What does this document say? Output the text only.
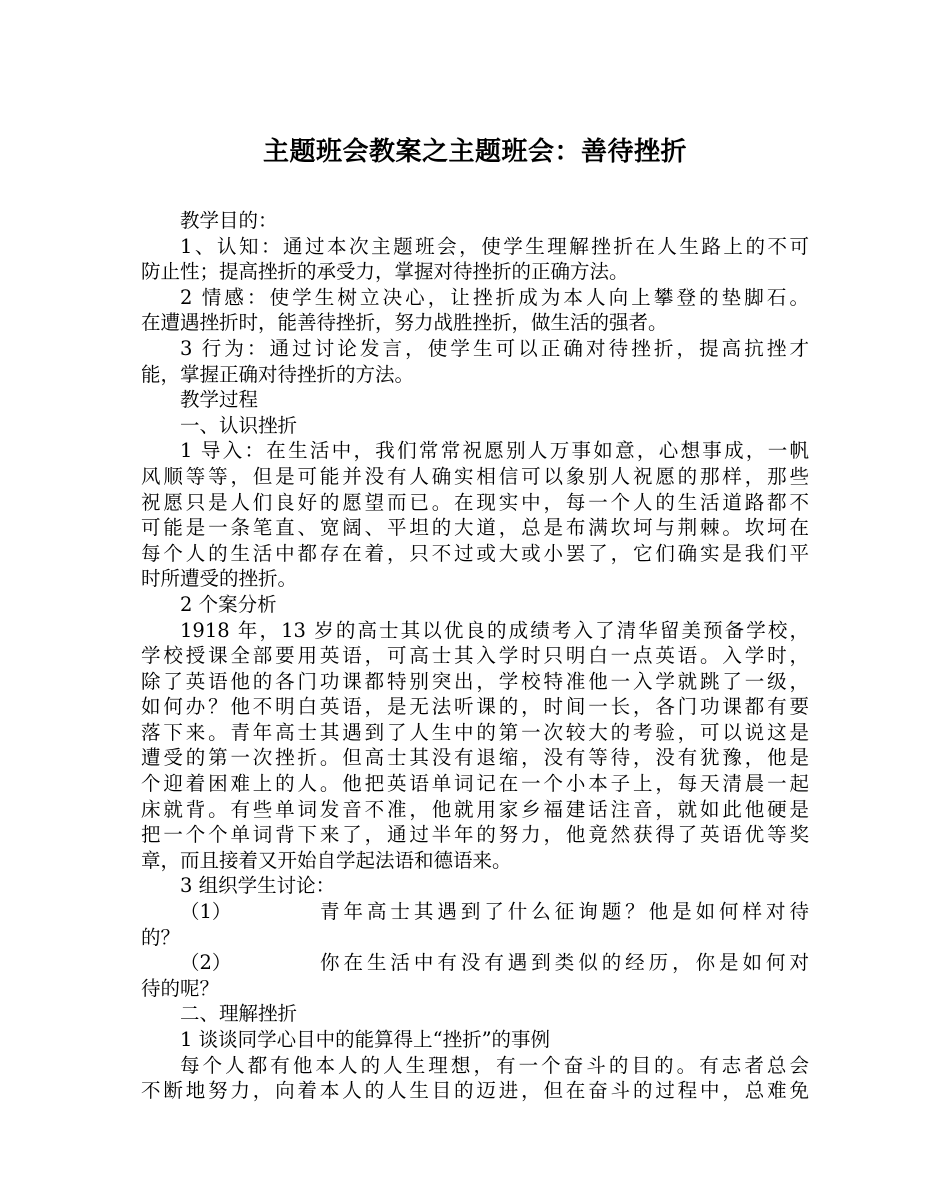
主题班会教案之主题班会：善待挫折

教学目的：

1、认知：通过本次主题班会，使学生理解挫折在人生路上的不可

防止性；提高挫折的承受力，掌握对待挫折的正确方法。

2 情感：使学生树立决心，让挫折成为本人向上攀登的垫脚石。

在遭遇挫折时，能善待挫折，努力战胜挫折，做生活的强者。

3 行为：通过讨论发言，使学生可以正确对待挫折，提高抗挫才

能，掌握正确对待挫折的方法。

教学过程

一、认识挫折

1 导入：在生活中，我们常常祝愿别人万事如意，心想事成，一帆

风顺等等，但是可能并没有人确实相信可以象别人祝愿的那样，那些
祝愿只是人们良好的愿望而已。在现实中，每一个人的生活道路都不
可能是一条笔直、宽阔、平坦的大道，总是布满坎坷与荆棘。坎坷在
每个人的生活中都存在着，只不过或大或小罢了，它们确实是我们平
时所遭受的挫折。

2 个案分析

1918 年，13 岁的高士其以优良的成绩考入了清华留美预备学校，

学校授课全部要用英语，可高士其入学时只明白一点英语。入学时，
除了英语他的各门功课都特别突出，学校特准他一入学就跳了一级，
如何办？他不明白英语，是无法听课的，时间一长，各门功课都有要
落下来。青年高士其遇到了人生中的第一次较大的考验，可以说这是
遭受的第一次挫折。但高士其没有退缩，没有等待，没有犹豫，他是
个迎着困难上的人。他把英语单词记在一个小本子上，每天清晨一起
床就背。有些单词发音不准，他就用家乡福建话注音，就如此他硬是
把一个个单词背下来了，通过半年的努力，他竟然获得了英语优等奖
章，而且接着又开始自学起法语和德语来。

3 组织学生讨论：

（1）	青年高士其遇到了什么征询题？他是如何样对待

的？

（2）	你在生活中有没有遇到类似的经历，你是如何对

待的呢？

二、理解挫折

1 谈谈同学心目中的能算得上“挫折”的事例

每个人都有他本人的人生理想，有一个奋斗的目的。有志者总会

不断地努力，向着本人的人生目的迈进，但在奋斗的过程中，总难免
